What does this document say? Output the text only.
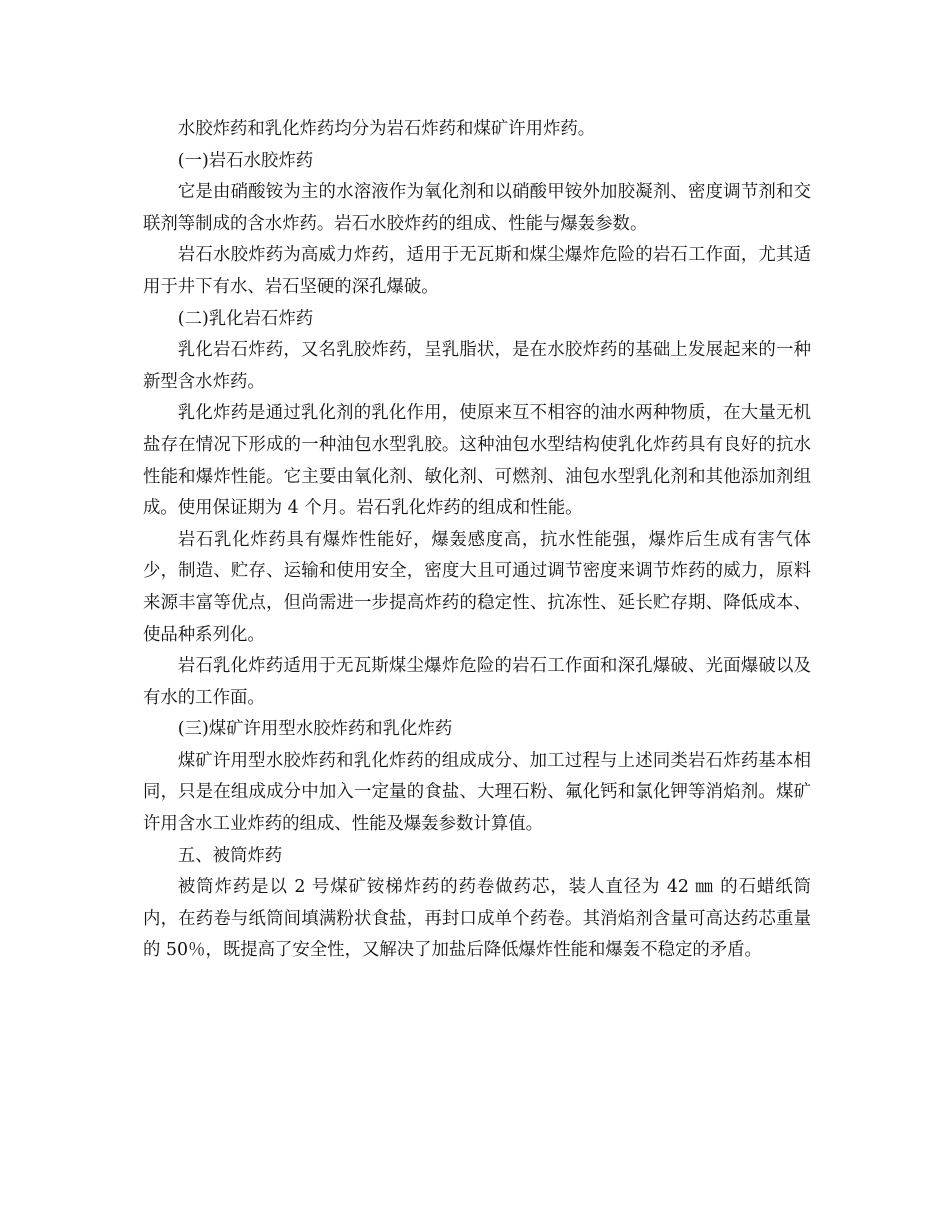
水胶炸药和乳化炸药均分为岩石炸药和煤矿许用炸药。

(一)岩石水胶炸药

它是由硝酸铵为主的水溶液作为氧化剂和以硝酸甲铵外加胶凝剂、密度调节剂和交联剂等制成的含水炸药。岩石水胶炸药的组成、性能与爆轰参数。

岩石水胶炸药为高威力炸药，适用于无瓦斯和煤尘爆炸危险的岩石工作面，尤其适用于井下有水、岩石坚硬的深孔爆破。

(二)乳化岩石炸药

乳化岩石炸药，又名乳胶炸药，呈乳脂状，是在水胶炸药的基础上发展起来的一种新型含水炸药。

乳化炸药是通过乳化剂的乳化作用，使原来互不相容的油水两种物质，在大量无机盐存在情况下形成的一种油包水型乳胶。这种油包水型结构使乳化炸药具有良好的抗水性能和爆炸性能。它主要由氧化剂、敏化剂、可燃剂、油包水型乳化剂和其他添加剂组成。使用保证期为 4 个月。岩石乳化炸药的组成和性能。

岩石乳化炸药具有爆炸性能好，爆轰感度高，抗水性能强，爆炸后生成有害气体少，制造、贮存、运输和使用安全，密度大且可通过调节密度来调节炸药的威力，原料来源丰富等优点，但尚需进一步提高炸药的稳定性、抗冻性、延长贮存期、降低成本、使品种系列化。

岩石乳化炸药适用于无瓦斯煤尘爆炸危险的岩石工作面和深孔爆破、光面爆破以及有水的工作面。

(三)煤矿许用型水胶炸药和乳化炸药

煤矿许用型水胶炸药和乳化炸药的组成成分、加工过程与上述同类岩石炸药基本相同，只是在组成成分中加入一定量的食盐、大理石粉、氟化钙和氯化钾等消焰剂。煤矿许用含水工业炸药的组成、性能及爆轰参数计算值。

五、被筒炸药

被筒炸药是以 2 号煤矿铵梯炸药的药卷做药芯，装人直径为 42 ㎜ 的石蜡纸筒内，在药卷与纸筒间填满粉状食盐，再封口成单个药卷。其消焰剂含量可高达药芯重量的 50％，既提高了安全性，又解决了加盐后降低爆炸性能和爆轰不稳定的矛盾。
